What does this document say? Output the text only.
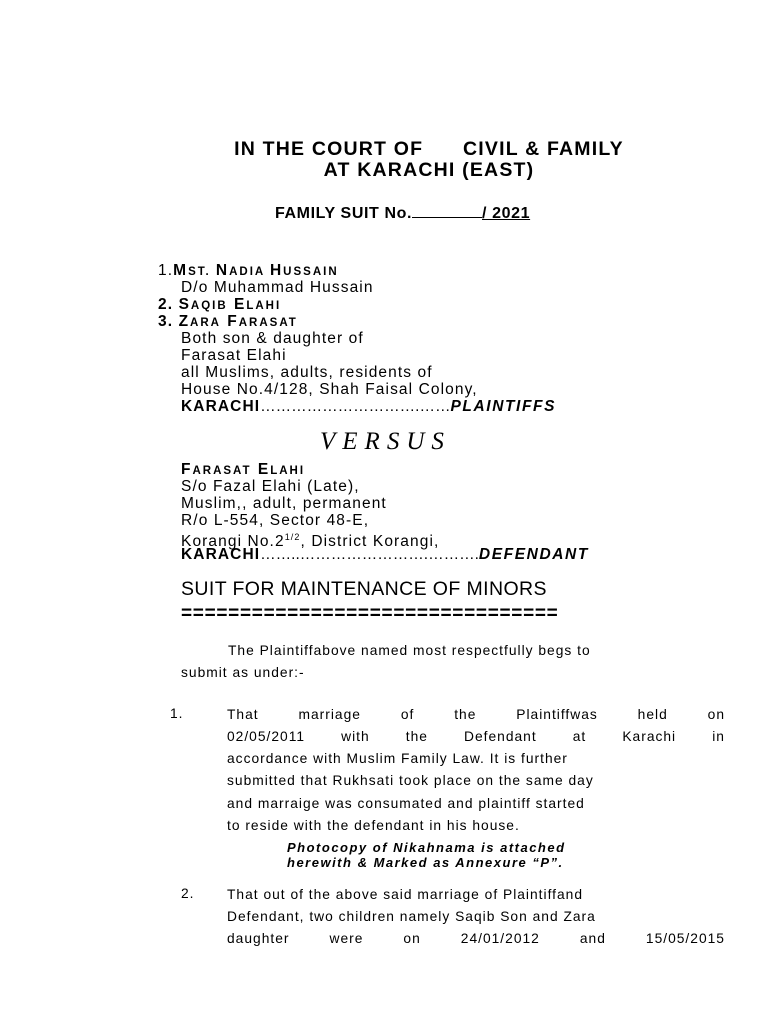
IN THE COURT OF      CIVIL & FAMILY
AT KARACHI (EAST)
FAMILY SUIT No.	/ 2021
1.MST. NADIA HUSSAIN
D/o Muhammad Hussain
2. SAQIB ELAHI
3. ZARA FARASAT
Both son & daughter of
Farasat Elahi
all Muslims, adults, residents of
House No.4/128, Shah Faisal Colony,
KARACHI………………………….……PLAINTIFFS
VERSUS
FARASAT ELAHI
S/o Fazal Elahi (Late),
Muslim,, adult, permanent
R/o L-554, Sector 48-E,
Korangi $No.2^{1/2}$, District Korangi,
KARACHI……..…………………….……….DEFENDANT
SUIT FOR MAINTENANCE OF MINORS
================================
The Plaintiffabove named most respectfully begs to
submit as under:-
1.	That	marriage	of	the	Plaintiffwas	held	on
02/05/2011	with	the	Defendant	at	Karachi	in
accordance with Muslim Family Law. It is further
submitted that Rukhsati took place on the same day
and marraige was consumated and plaintiff started
to reside with the defendant in his house.
Photocopy of Nikahnama is attached
herewith & Marked as Annexure “P”.
2. That out of the above said marriage of Plaintiffand
Defendant, two children namely Saqib Son and Zara
daughter	were	on	24/01/2012	and	15/05/2015
